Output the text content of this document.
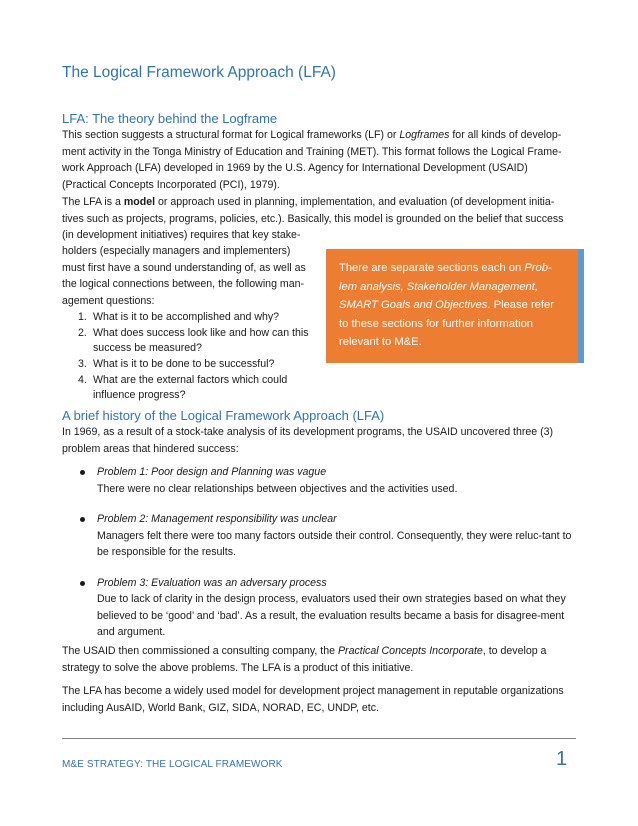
The Logical Framework Approach (LFA)
LFA: The theory behind the Logframe

This section suggests a structural format for Logical frameworks (LF) or Logframes for all kinds of develop-ment activity in the Tonga Ministry of Education and Training (MET). This format follows the Logical Frame-work Approach (LFA) developed in 1969 by the U.S. Agency for International Development (USAID) (Practical Concepts Incorporated (PCI), 1979).

The LFA is a model or approach used in planning, implementation, and evaluation (of development initia-tives such as projects, programs, policies, etc.). Basically, this model is grounded on the belief that success (in development initiatives) requires that key stake-

holders (especially managers and implementers) must first have a sound understanding of, as well as the logical connections between, the following man-agement questions:

1. What is it to be accomplished and why?
2. What does success look like and how can this success be measured?
3. What is it to be done to be successful?
4. What are the external factors which could influence progress?

There are separate sections each on Prob-lem analysis, Stakeholder Management, SMART Goals and Objectives. Please refer to these sections for further information relevant to M&E.

A brief history of the Logical Framework Approach (LFA)

In 1969, as a result of a stock-take analysis of its development programs, the USAID uncovered three (3) problem areas that hindered success:

Problem 1: Poor design and Planning was vague
There were no clear relationships between objectives and the activities used.
Problem 2: Management responsibility was unclear
Managers felt there were too many factors outside their control. Consequently, they were reluc-tant to be responsible for the results.
Problem 3: Evaluation was an adversary process
Due to lack of clarity in the design process, evaluators used their own strategies based on what they believed to be ‘good’ and ‘bad’. As a result, the evaluation results became a basis for disagree-ment and argument.

The USAID then commissioned a consulting company, the Practical Concepts Incorporate, to develop a strategy to solve the above problems. The LFA is a product of this initiative.

The LFA has become a widely used model for development project management in reputable organizations including AusAID, World Bank, GIZ, SIDA, NORAD, EC, UNDP, etc.

M&E STRATEGY: THE LOGICAL FRAMEWORK	1
